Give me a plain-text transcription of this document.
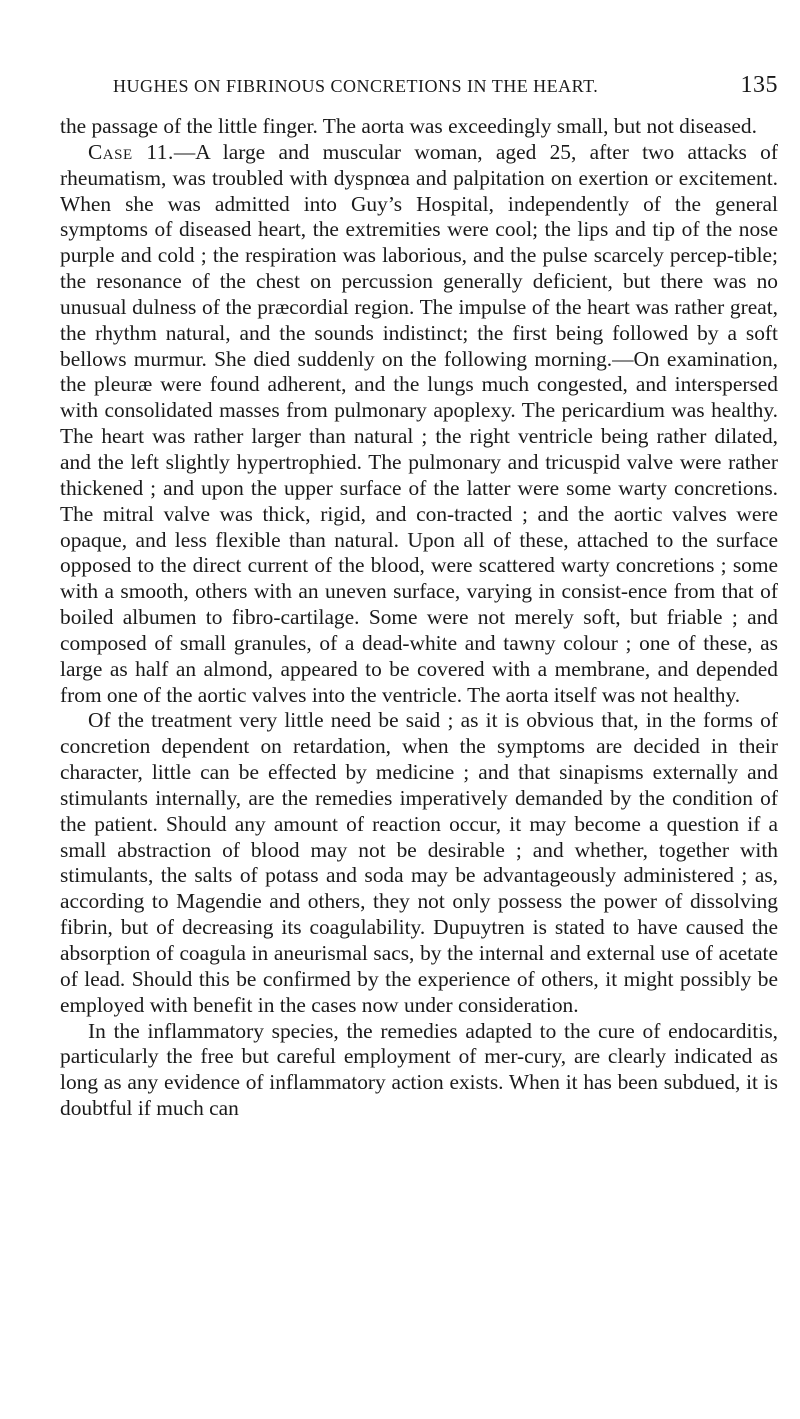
HUGHES ON FIBRINOUS CONCRETIONS IN THE HEART.	135

the passage of the little finger. The aorta was exceedingly small, but not diseased.

Case 11.—A large and muscular woman, aged 25, after two attacks of rheumatism, was troubled with dyspnœa and palpitation on exertion or excitement. When she was admitted into Guy’s Hospital, independently of the general symptoms of diseased heart, the extremities were cool; the lips and tip of the nose purple and cold ; the respiration was laborious, and the pulse scarcely percep-tible; the resonance of the chest on percussion generally deficient, but there was no unusual dulness of the præcordial region. The impulse of the heart was rather great, the rhythm natural, and the sounds indistinct; the first being followed by a soft bellows murmur. She died suddenly on the following morning.—On examination, the pleuræ were found adherent, and the lungs much congested, and interspersed with consolidated masses from pulmonary apoplexy. The pericardium was healthy. The heart was rather larger than natural ; the right ventricle being rather dilated, and the left slightly hypertrophied. The pulmonary and tricuspid valve were rather thickened ; and upon the upper surface of the latter were some warty concretions. The mitral valve was thick, rigid, and con-tracted ; and the aortic valves were opaque, and less flexible than natural. Upon all of these, attached to the surface opposed to the direct current of the blood, were scattered warty concretions ; some with a smooth, others with an uneven surface, varying in consist-ence from that of boiled albumen to fibro-cartilage. Some were not merely soft, but friable ; and composed of small granules, of a dead-white and tawny colour ; one of these, as large as half an almond, appeared to be covered with a membrane, and depended from one of the aortic valves into the ventricle. The aorta itself was not healthy.

Of the treatment very little need be said ; as it is obvious that, in the forms of concretion dependent on retardation, when the symptoms are decided in their character, little can be effected by medicine ; and that sinapisms externally and stimulants internally, are the remedies imperatively demanded by the condition of the patient. Should any amount of reaction occur, it may become a question if a small abstraction of blood may not be desirable ; and whether, together with stimulants, the salts of potass and soda may be advantageously administered ; as, according to Magendie and others, they not only possess the power of dissolving fibrin, but of decreasing its coagulability. Dupuytren is stated to have caused the absorption of coagula in aneurismal sacs, by the internal and external use of acetate of lead. Should this be confirmed by the experience of others, it might possibly be employed with benefit in the cases now under consideration.

In the inflammatory species, the remedies adapted to the cure of endocarditis, particularly the free but careful employment of mer-cury, are clearly indicated as long as any evidence of inflammatory action exists. When it has been subdued, it is doubtful if much can
